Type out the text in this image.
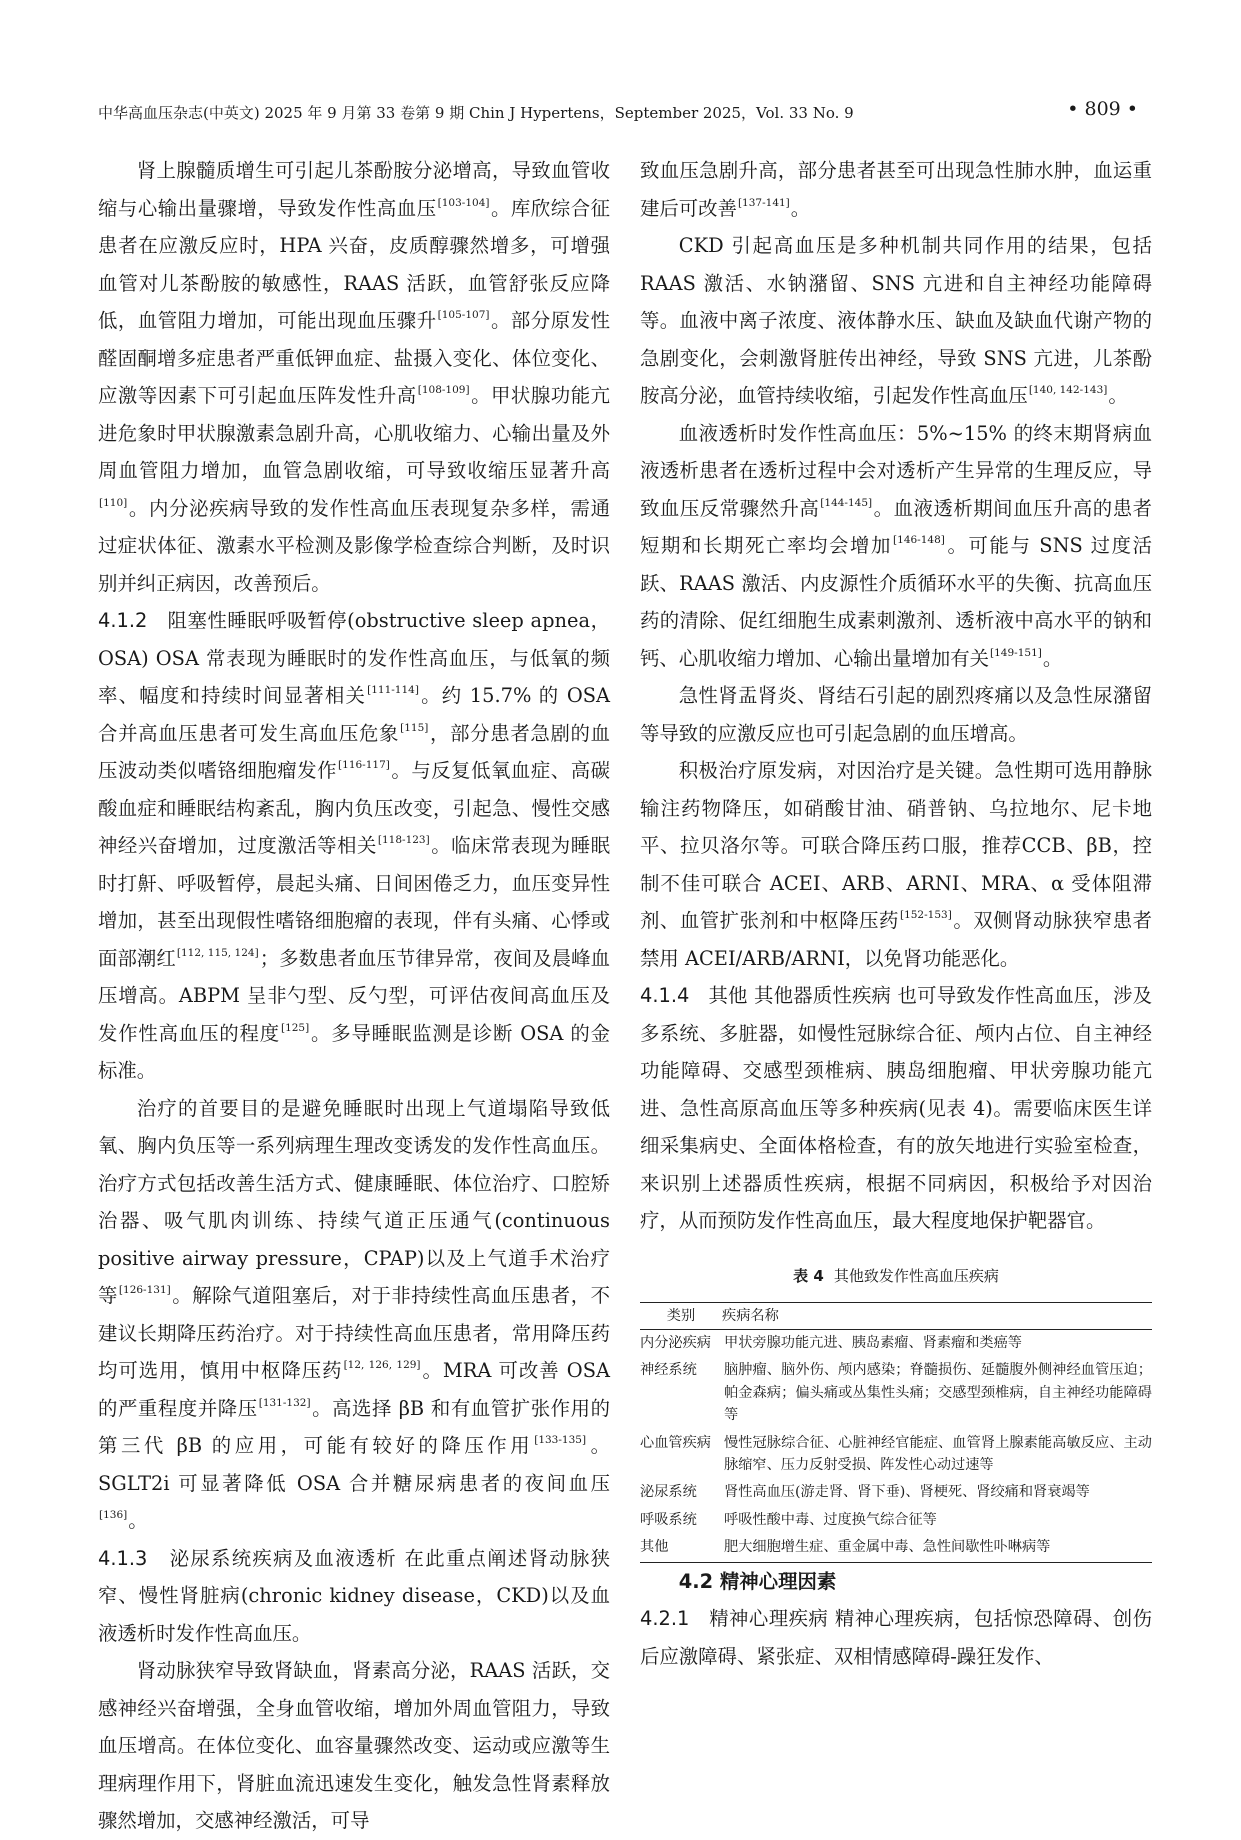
中华高血压杂志(中英文) 2025 年 9 月第 33 卷第 9 期 Chin J Hypertens，September 2025，Vol. 33 No. 9	• 809 •

肾上腺髓质增生可引起儿茶酚胺分泌增高，导致血管收缩与心输出量骤增，导致发作性高血压[103-104]。库欣综合征患者在应激反应时，HPA 兴奋，皮质醇骤然增多，可增强血管对儿茶酚胺的敏感性，RAAS 活跃，血管舒张反应降低，血管阻力增加，可能出现血压骤升[105-107]。部分原发性醛固酮增多症患者严重低钾血症、盐摄入变化、体位变化、应激等因素下可引起血压阵发性升高[108-109]。甲状腺功能亢进危象时甲状腺激素急剧升高，心肌收缩力、心输出量及外周血管阻力增加，血管急剧收缩，可导致收缩压显著升高[110]。内分泌疾病导致的发作性高血压表现复杂多样，需通过症状体征、激素水平检测及影像学检查综合判断，及时识别并纠正病因，改善预后。

4.1.2 阻塞性睡眠呼吸暂停(obstructive sleep apnea，OSA) OSA 常表现为睡眠时的发作性高血压，与低氧的频率、幅度和持续时间显著相关[111-114]。约 15.7% 的 OSA 合并高血压患者可发生高血压危象[115]，部分患者急剧的血压波动类似嗜铬细胞瘤发作[116-117]。与反复低氧血症、高碳酸血症和睡眠结构紊乱，胸内负压改变，引起急、慢性交感神经兴奋增加，过度激活等相关[118-123]。临床常表现为睡眠时打鼾、呼吸暂停，晨起头痛、日间困倦乏力，血压变异性增加，甚至出现假性嗜铬细胞瘤的表现，伴有头痛、心悸或面部潮红[112, 115, 124]；多数患者血压节律异常，夜间及晨峰血压增高。ABPM 呈非勺型、反勺型，可评估夜间高血压及发作性高血压的程度[125]。多导睡眠监测是诊断 OSA 的金标准。

治疗的首要目的是避免睡眠时出现上气道塌陷导致低氧、胸内负压等一系列病理生理改变诱发的发作性高血压。治疗方式包括改善生活方式、健康睡眠、体位治疗、口腔矫治器、吸气肌肉训练、持续气道正压通气(continuous positive airway pressure，CPAP)以及上气道手术治疗等[126-131]。解除气道阻塞后，对于非持续性高血压患者，不建议长期降压药治疗。对于持续性高血压患者，常用降压药均可选用，慎用中枢降压药[12, 126, 129]。MRA 可改善 OSA 的严重程度并降压[131-132]。高选择 βB 和有血管扩张作用的第三代 βB 的应用，可能有较好的降压作用[133-135]。SGLT2i 可显著降低 OSA 合并糖尿病患者的夜间血压[136]。

4.1.3 泌尿系统疾病及血液透析 在此重点阐述肾动脉狭窄、慢性肾脏病(chronic kidney disease，CKD)以及血液透析时发作性高血压。

肾动脉狭窄导致肾缺血，肾素高分泌，RAAS 活跃，交感神经兴奋增强，全身血管收缩，增加外周血管阻力，导致血压增高。在体位变化、血容量骤然改变、运动或应激等生理病理作用下，肾脏血流迅速发生变化，触发急性肾素释放骤然增加，交感神经激活，可导

致血压急剧升高，部分患者甚至可出现急性肺水肿，血运重建后可改善[137-141]。

CKD 引起高血压是多种机制共同作用的结果，包括 RAAS 激活、水钠潴留、SNS 亢进和自主神经功能障碍等。血液中离子浓度、液体静水压、缺血及缺血代谢产物的急剧变化，会刺激肾脏传出神经，导致 SNS 亢进，儿茶酚胺高分泌，血管持续收缩，引起发作性高血压[140, 142-143]。

血液透析时发作性高血压：5%~15% 的终末期肾病血液透析患者在透析过程中会对透析产生异常的生理反应，导致血压反常骤然升高[144-145]。血液透析期间血压升高的患者短期和长期死亡率均会增加[146-148]。可能与 SNS 过度活跃、RAAS 激活、内皮源性介质循环水平的失衡、抗高血压药的清除、促红细胞生成素刺激剂、透析液中高水平的钠和钙、心肌收缩力增加、心输出量增加有关[149-151]。

急性肾盂肾炎、肾结石引起的剧烈疼痛以及急性尿潴留等导致的应激反应也可引起急剧的血压增高。

积极治疗原发病，对因治疗是关键。急性期可选用静脉输注药物降压，如硝酸甘油、硝普钠、乌拉地尔、尼卡地平、拉贝洛尔等。可联合降压药口服，推荐CCB、βB，控制不佳可联合 ACEI、ARB、ARNI、MRA、α 受体阻滞剂、血管扩张剂和中枢降压药[152-153]。双侧肾动脉狭窄患者禁用 ACEI/ARB/ARNI，以免肾功能恶化。

4.1.4 其他 其他器质性疾病 也可导致发作性高血压，涉及多系统、多脏器，如慢性冠脉综合征、颅内占位、自主神经功能障碍、交感型颈椎病、胰岛细胞瘤、甲状旁腺功能亢进、急性高原高血压等多种疾病(见表 4)。需要临床医生详细采集病史、全面体格检查，有的放矢地进行实验室检查，来识别上述器质性疾病，根据不同病因，积极给予对因治疗，从而预防发作性高血压，最大程度地保护靶器官。

表 4 其他致发作性高血压疾病
类别	疾病名称
内分泌疾病	甲状旁腺功能亢进、胰岛素瘤、肾素瘤和类癌等
神经系统	脑肿瘤、脑外伤、颅内感染；脊髓损伤、延髓腹外侧神经血管压迫；帕金森病；偏头痛或丛集性头痛；交感型颈椎病，自主神经功能障碍等
心血管疾病	慢性冠脉综合征、心脏神经官能症、血管肾上腺素能高敏反应、主动脉缩窄、压力反射受损、阵发性心动过速等
泌尿系统	肾性高血压(游走肾、肾下垂)、肾梗死、肾绞痛和肾衰竭等
呼吸系统	呼吸性酸中毒、过度换气综合征等
其他	肥大细胞增生症、重金属中毒、急性间歇性卟啉病等

4.2 精神心理因素

4.2.1 精神心理疾病 精神心理疾病，包括惊恐障碍、创伤后应激障碍、紧张症、双相情感障碍-躁狂发作、
